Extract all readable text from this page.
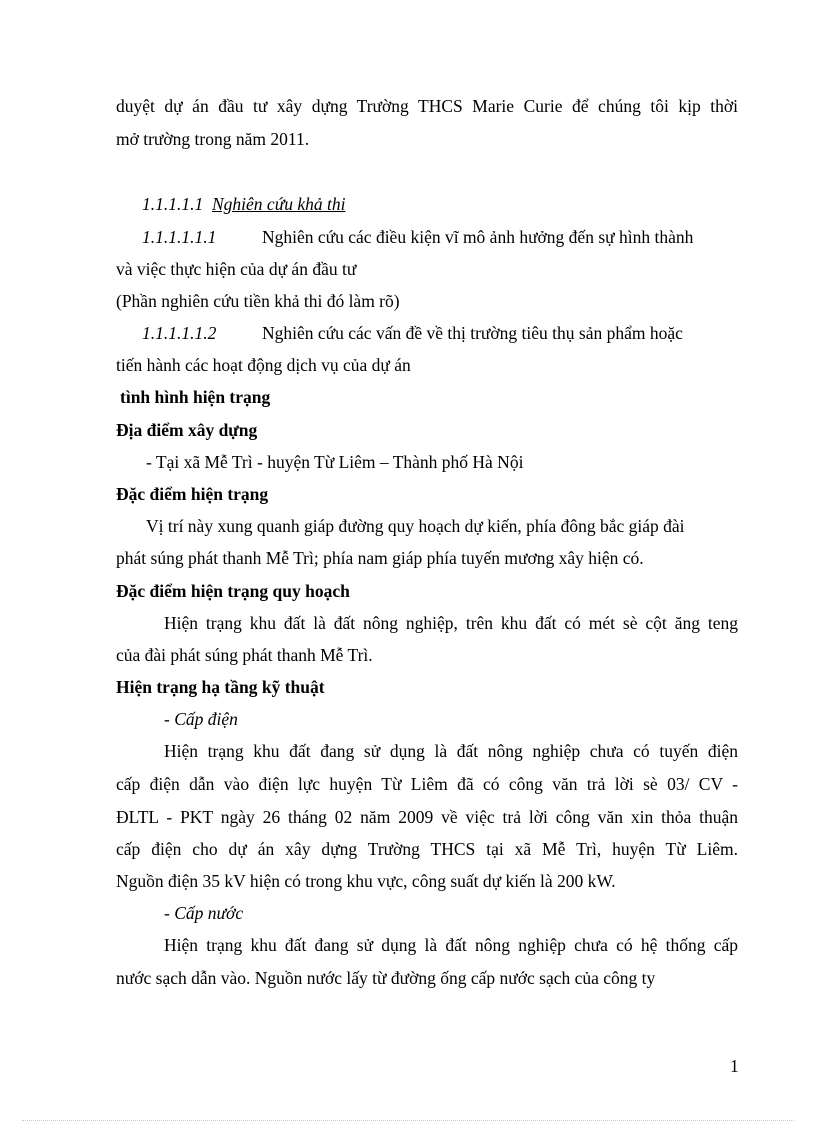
duyệt dự án đầu tư xây dựng Trường THCS Marie Curie để chúng tôi kịp thời
mở trường trong năm 2011.
1.1.1.1.1 Nghiên cứu khả thi
1.1.1.1.1.1	Nghiên cứu các điều kiện vĩ mô ảnh hưởng đến sự hình thành
và việc thực hiện của dự án đầu tư
(Phần nghiên cứu tiền khả thi đó làm rõ)
1.1.1.1.1.2	Nghiên cứu các vấn đề về thị trường tiêu thụ sản phẩm hoặc
tiến hành các hoạt động dịch vụ của dự án
tình hình hiện trạng
Địa điểm xây dựng
- Tại xã Mễ Trì - huyện Từ Liêm – Thành phố Hà Nội
Đặc điểm hiện trạng
Vị trí này xung quanh giáp đường quy hoạch dự kiến, phía đông bắc giáp đài
phát súng phát thanh Mễ Trì; phía nam giáp phía tuyến mương xây hiện có.
Đặc điểm hiện trạng quy hoạch
Hiện trạng khu đất là đất nông nghiệp, trên khu đất có mét sè cột ăng teng
của đài phát súng phát thanh Mễ Trì.
Hiện trạng hạ tầng kỹ thuật
- Cấp điện
Hiện trạng khu đất đang sử dụng là đất nông nghiệp chưa có tuyến điện
cấp điện dẫn vào điện lực huyện Từ Liêm đã có công văn trả lời sè 03/ CV -
ĐLTL - PKT ngày 26 tháng 02 năm 2009 về việc trả lời công văn xin thỏa thuận
cấp điện cho dự án xây dựng Trường THCS tại xã Mễ Trì, huyện Từ Liêm.
Nguồn điện 35 kV hiện có trong khu vực, công suất dự kiến là 200 kW.
- Cấp nước
Hiện trạng khu đất đang sử dụng là đất nông nghiệp chưa có hệ thống cấp
nước sạch dẫn vào. Nguồn nước lấy từ đường ống cấp nước sạch của công ty
1
